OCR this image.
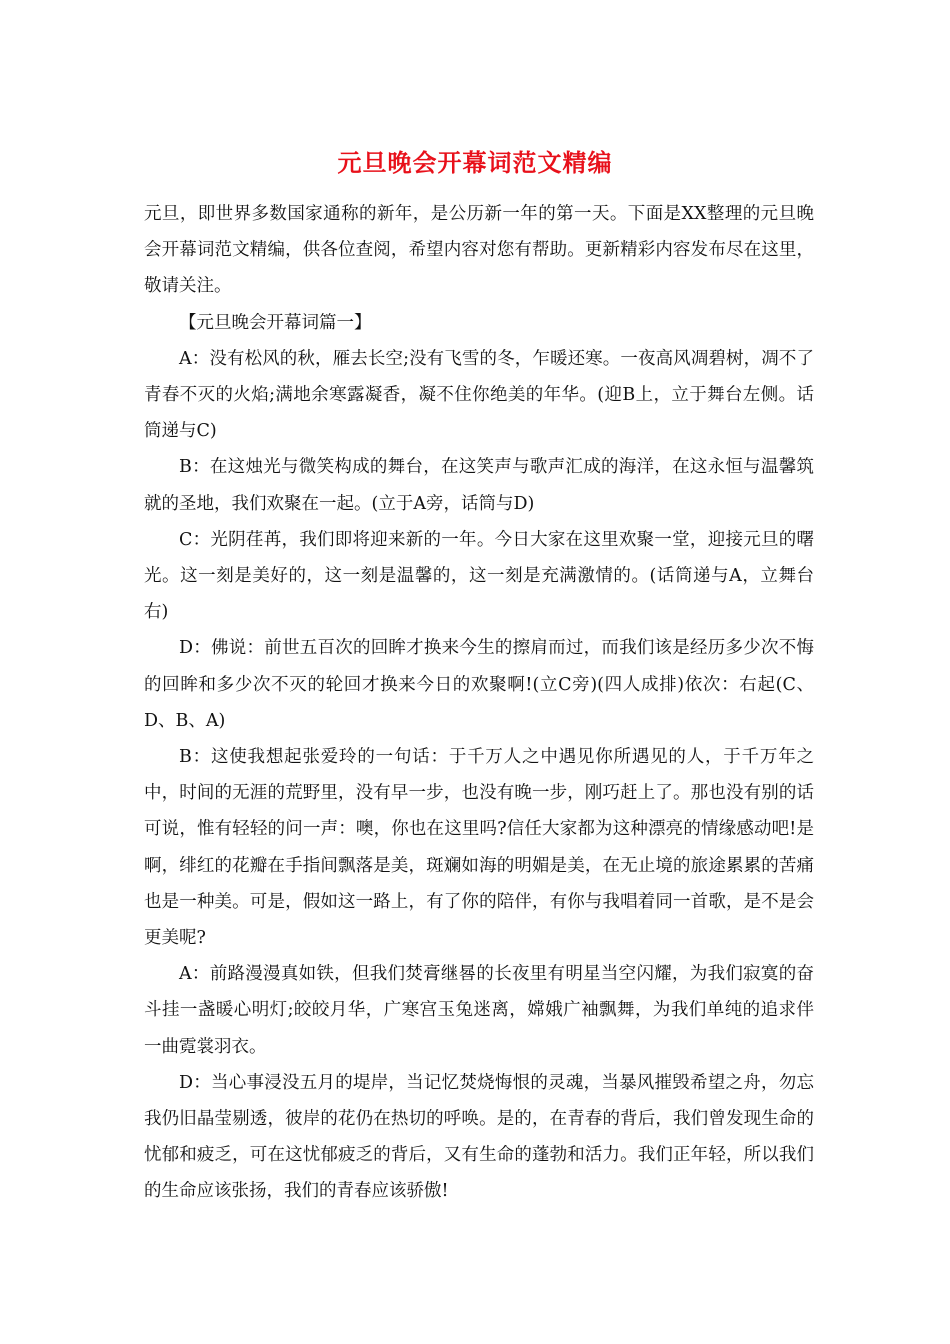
元旦晚会开幕词范文精编

元旦，即世界多数国家通称的新年，是公历新一年的第一天。下面是XX整理的元旦晚会开幕词范文精编，供各位查阅，希望内容对您有帮助。更新精彩内容发布尽在这里，敬请关注。

【元旦晚会开幕词篇一】

A：没有松风的秋，雁去长空;没有飞雪的冬，乍暖还寒。一夜高风凋碧树，凋不了青春不灭的火焰;满地余寒露凝香，凝不住你绝美的年华。(迎B上，立于舞台左侧。话筒递与C)

B：在这烛光与微笑构成的舞台，在这笑声与歌声汇成的海洋，在这永恒与温馨筑就的圣地，我们欢聚在一起。(立于A旁，话筒与D)

C：光阴荏苒，我们即将迎来新的一年。今日大家在这里欢聚一堂，迎接元旦的曙光。这一刻是美好的，这一刻是温馨的，这一刻是充满激情的。(话筒递与A，立舞台右)

D：佛说：前世五百次的回眸才换来今生的擦肩而过，而我们该是经历多少次不悔的回眸和多少次不灭的轮回才换来今日的欢聚啊!(立C旁)(四人成排)依次：右起(C、D、B、A)

B：这使我想起张爱玲的一句话：于千万人之中遇见你所遇见的人，于千万年之中，时间的无涯的荒野里，没有早一步，也没有晚一步，刚巧赶上了。那也没有别的话可说，惟有轻轻的问一声：噢，你也在这里吗?信任大家都为这种漂亮的情缘感动吧!是啊，绯红的花瓣在手指间飘落是美，斑斓如海的明媚是美，在无止境的旅途累累的苦痛也是一种美。可是，假如这一路上，有了你的陪伴，有你与我唱着同一首歌，是不是会更美呢?

A：前路漫漫真如铁，但我们焚膏继晷的长夜里有明星当空闪耀，为我们寂寞的奋斗挂一盏暖心明灯;皎皎月华，广寒宫玉兔迷离，嫦娥广袖飘舞，为我们单纯的追求伴一曲霓裳羽衣。

D：当心事浸没五月的堤岸，当记忆焚烧悔恨的灵魂，当暴风摧毁希望之舟，勿忘我仍旧晶莹剔透，彼岸的花仍在热切的呼唤。是的，在青春的背后，我们曾发现生命的忧郁和疲乏，可在这忧郁疲乏的背后，又有生命的蓬勃和活力。我们正年轻，所以我们的生命应该张扬，我们的青春应该骄傲!
